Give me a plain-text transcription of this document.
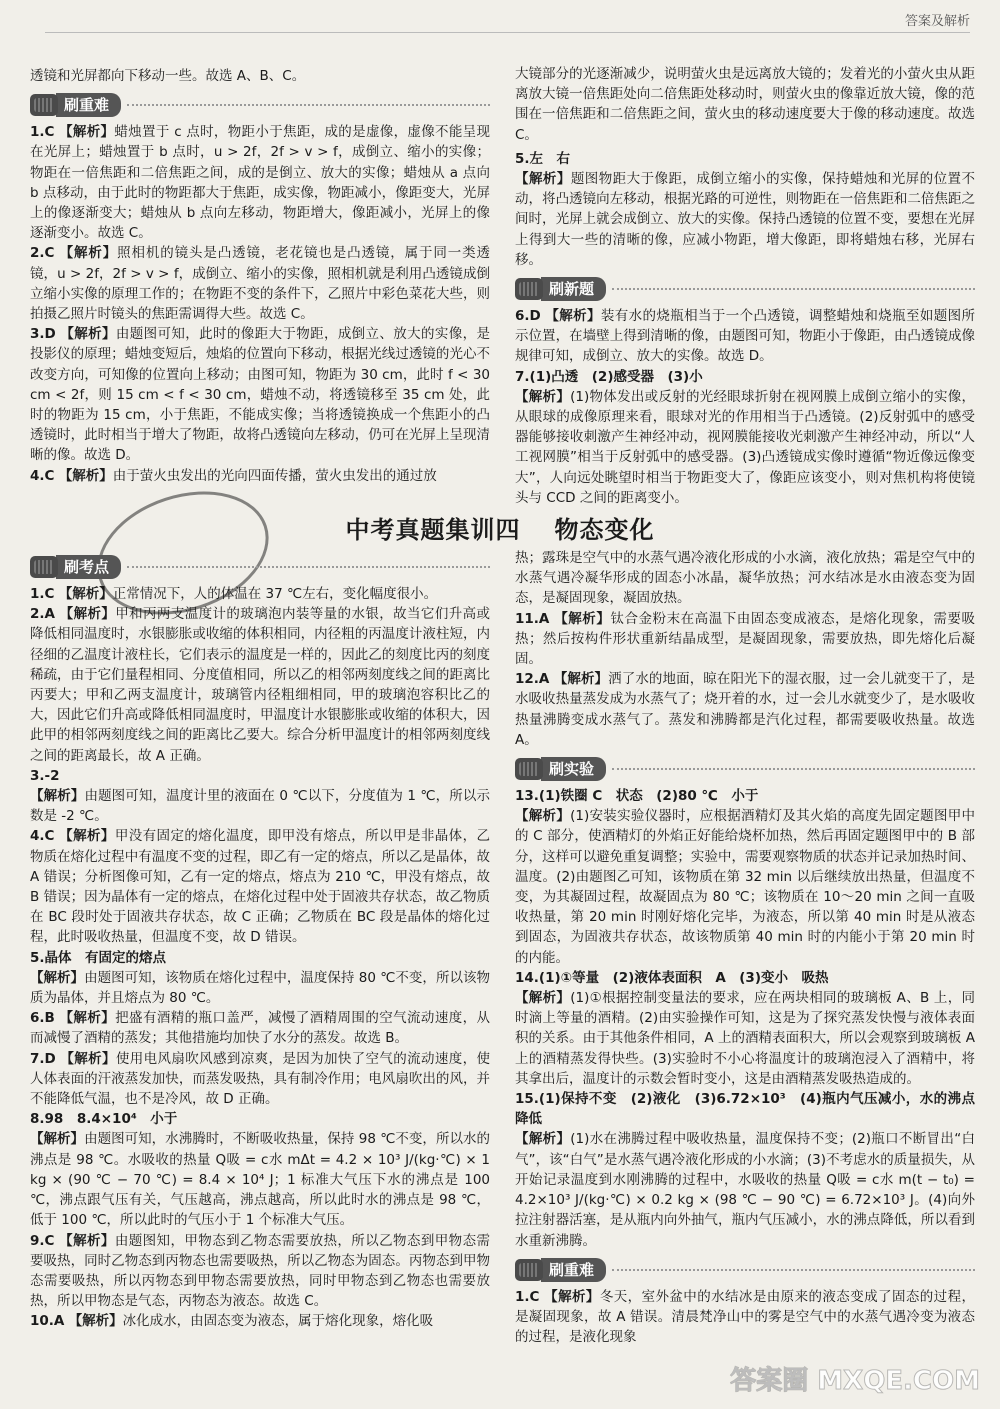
答案及解析

透镜和光屏都向下移动一些。故选 A、B、C。

刷重难

1.C 【解析】蜡烛置于 c 点时，物距小于焦距，成的是虚像，虚像不能呈现在光屏上；蜡烛置于 b 点时，u > 2f，2f > v > f，成倒立、缩小的实像；物距在一倍焦距和二倍焦距之间，成的是倒立、放大的实像；蜡烛从 a 点向 b 点移动，由于此时的物距都大于焦距，成实像，物距减小，像距变大，光屏上的像逐渐变大；蜡烛从 b 点向左移动，物距增大，像距减小，光屏上的像逐渐变小。故选 C。

2.C 【解析】照相机的镜头是凸透镜，老花镜也是凸透镜，属于同一类透镜，u > 2f，2f > v > f，成倒立、缩小的实像，照相机就是利用凸透镜成倒立缩小实像的原理工作的；在物距不变的条件下，乙照片中彩色菜花大些，则拍摄乙照片时镜头的焦距需调得大些。故选 C。

3.D 【解析】由题图可知，此时的像距大于物距，成倒立、放大的实像，是投影仪的原理；蜡烛变短后，烛焰的位置向下移动，根据光线过透镜的光心不改变方向，可知像的位置向上移动；由图可知，物距为 30 cm，此时 f < 30 cm < 2f，则 15 cm < f < 30 cm，蜡烛不动，将透镜移至 35 cm 处，此时的物距为 15 cm，小于焦距，不能成实像；当将透镜换成一个焦距小的凸透镜时，此时相当于增大了物距，故将凸透镜向左移动，仍可在光屏上呈现清晰的像。故选 D。

4.C 【解析】由于萤火虫发出的光向四面传播，萤火虫发出的通过放

大镜部分的光逐渐减少，说明萤火虫是远离放大镜的；发着光的小萤火虫从距离放大镜一倍焦距处向二倍焦距处移动时，则萤火虫的像靠近放大镜，像的范围在一倍焦距和二倍焦距之间，萤火虫的移动速度要大于像的移动速度。故选 C。

5.左　右

【解析】题图物距大于像距，成倒立缩小的实像，保持蜡烛和光屏的位置不动，将凸透镜向左移动，根据光路的可逆性，则物距在一倍焦距和二倍焦距之间时，光屏上就会成倒立、放大的实像。保持凸透镜的位置不变，要想在光屏上得到大一些的清晰的像，应减小物距，增大像距，即将蜡烛右移，光屏右移。

刷新题

6.D 【解析】装有水的烧瓶相当于一个凸透镜，调整蜡烛和烧瓶至如题图所示位置，在墙壁上得到清晰的像，由题图可知，物距小于像距，由凸透镜成像规律可知，成倒立、放大的实像。故选 D。

7.(1)凸透　(2)感受器　(3)小

【解析】(1)物体发出或反射的光经眼球折射在视网膜上成倒立缩小的实像，从眼球的成像原理来看，眼球对光的作用相当于凸透镜。(2)反射弧中的感受器能够接收刺激产生神经冲动，视网膜能接收光刺激产生神经冲动，所以“人工视网膜”相当于反射弧中的感受器。(3)凸透镜成实像时遵循“物近像远像变大”，人向远处眺望时相当于物距变大了，像距应该变小，则对焦机构将使镜头与 CCD 之间的距离变小。

中考真题集训四 物态变化
刷考点

1.C 【解析】正常情况下，人的体温在 37 ℃左右，变化幅度很小。

2.A 【解析】甲和丙两支温度计的玻璃泡内装等量的水银，故当它们升高或降低相同温度时，水银膨胀或收缩的体积相同，内径粗的丙温度计液柱短，内径细的乙温度计液柱长，它们表示的温度是一样的，因此乙的刻度比丙的刻度稀疏，由于它们量程相同、分度值相同，所以乙的相邻两刻度线之间的距离比丙要大；甲和乙两支温度计，玻璃管内径粗细相同，甲的玻璃泡容积比乙的大，因此它们升高或降低相同温度时，甲温度计水银膨胀或收缩的体积大，因此甲的相邻两刻度线之间的距离比乙要大。综合分析甲温度计的相邻两刻度线之间的距离最长，故 A 正确。

3.-2

【解析】由题图可知，温度计里的液面在 0 ℃以下，分度值为 1 ℃，所以示数是 -2 ℃。

4.C 【解析】甲没有固定的熔化温度，即甲没有熔点，所以甲是非晶体，乙物质在熔化过程中有温度不变的过程，即乙有一定的熔点，所以乙是晶体，故 A 错误；分析图像可知，乙有一定的熔点，熔点为 210 ℃，甲没有熔点，故 B 错误；因为晶体有一定的熔点，在熔化过程中处于固液共存状态，故乙物质在 BC 段时处于固液共存状态，故 C 正确；乙物质在 BC 段是晶体的熔化过程，此时吸收热量，但温度不变，故 D 错误。

5.晶体　有固定的熔点

【解析】由题图可知，该物质在熔化过程中，温度保持 80 ℃不变，所以该物质为晶体，并且熔点为 80 ℃。

6.B 【解析】把盛有酒精的瓶口盖严，减慢了酒精周围的空气流动速度，从而减慢了酒精的蒸发；其他措施均加快了水分的蒸发。故选 B。

7.D 【解析】使用电风扇吹风感到凉爽，是因为加快了空气的流动速度，使人体表面的汗液蒸发加快，而蒸发吸热，具有制冷作用；电风扇吹出的风，并不能降低气温，也不是冷风，故 D 正确。

8.98　8.4×10⁴　小于

【解析】由题图可知，水沸腾时，不断吸收热量，保持 98 ℃不变，所以水的沸点是 98 ℃。水吸收的热量 Q吸 = c水 mΔt = 4.2 × 10³ J/(kg·℃) × 1 kg × (90 ℃ − 70 ℃) = 8.4 × 10⁴ J；1 标准大气压下水的沸点是 100 ℃，沸点跟气压有关，气压越高，沸点越高，所以此时水的沸点是 98 ℃，低于 100 ℃，所以此时的气压小于 1 个标准大气压。

9.C 【解析】由题图知，甲物态到乙物态需要放热，所以乙物态到甲物态需要吸热，同时乙物态到丙物态也需要吸热，所以乙物态为固态。丙物态到甲物态需要吸热，所以丙物态到甲物态需要放热，同时甲物态到乙物态也需要放热，所以甲物态是气态，丙物态为液态。故选 C。

10.A 【解析】冰化成水，由固态变为液态，属于熔化现象，熔化吸

热；露珠是空气中的水蒸气遇冷液化形成的小水滴，液化放热；霜是空气中的水蒸气遇冷凝华形成的固态小冰晶，凝华放热；河水结冰是水由液态变为固态，是凝固现象，凝固放热。

11.A 【解析】钛合金粉末在高温下由固态变成液态，是熔化现象，需要吸热；然后按构件形状重新结晶成型，是凝固现象，需要放热，即先熔化后凝固。

12.A 【解析】洒了水的地面，晾在阳光下的湿衣服，过一会儿就变干了，是水吸收热量蒸发成为水蒸气了；烧开着的水，过一会儿水就变少了，是水吸收热量沸腾变成水蒸气了。蒸发和沸腾都是汽化过程，都需要吸收热量。故选 A。

刷实验

13.(1)铁圈 C　状态　(2)80 ℃　小于

【解析】(1)安装实验仪器时，应根据酒精灯及其火焰的高度先固定题图甲中的 C 部分，使酒精灯的外焰正好能给烧杯加热，然后再固定题图甲中的 B 部分，这样可以避免重复调整；实验中，需要观察物质的状态并记录加热时间、温度。(2)由题图乙可知，该物质在第 32 min 以后继续放出热量，但温度不变，为其凝固过程，故凝固点为 80 ℃；该物质在 10～20 min 之间一直吸收热量，第 20 min 时刚好熔化完毕，为液态，所以第 40 min 时是从液态到固态，为固液共存状态，故该物质第 40 min 时的内能小于第 20 min 时的内能。

14.(1)①等量　(2)液体表面积　A　(3)变小　吸热

【解析】(1)①根据控制变量法的要求，应在两块相同的玻璃板 A、B 上，同时滴上等量的酒精。(2)由实验操作可知，这是为了探究蒸发快慢与液体表面积的关系。由于其他条件相同，A 上的酒精表面积大，所以会观察到玻璃板 A 上的酒精蒸发得快些。(3)实验时不小心将温度计的玻璃泡浸入了酒精中，将其拿出后，温度计的示数会暂时变小，这是由酒精蒸发吸热造成的。

15.(1)保持不变　(2)液化　(3)6.72×10³　(4)瓶内气压减小，水的沸点降低

【解析】(1)水在沸腾过程中吸收热量，温度保持不变；(2)瓶口不断冒出“白气”，该“白气”是水蒸气遇冷液化形成的小水滴；(3)不考虑水的质量损失，从开始记录温度到水刚沸腾的过程中，水吸收的热量 Q吸 = c水 m(t − t₀) = 4.2×10³ J/(kg·℃) × 0.2 kg × (98 ℃ − 90 ℃) = 6.72×10³ J。(4)向外拉注射器活塞，是从瓶内向外抽气，瓶内气压减小，水的沸点降低，所以看到水重新沸腾。

刷重难

1.C 【解析】冬天，室外盆中的水结冰是由原来的液态变成了固态的过程，是凝固现象，故 A 错误。清晨梵净山中的雾是空气中的水蒸气遇冷变为液态的过程，是液化现象

答案圈 MXQE.COM
